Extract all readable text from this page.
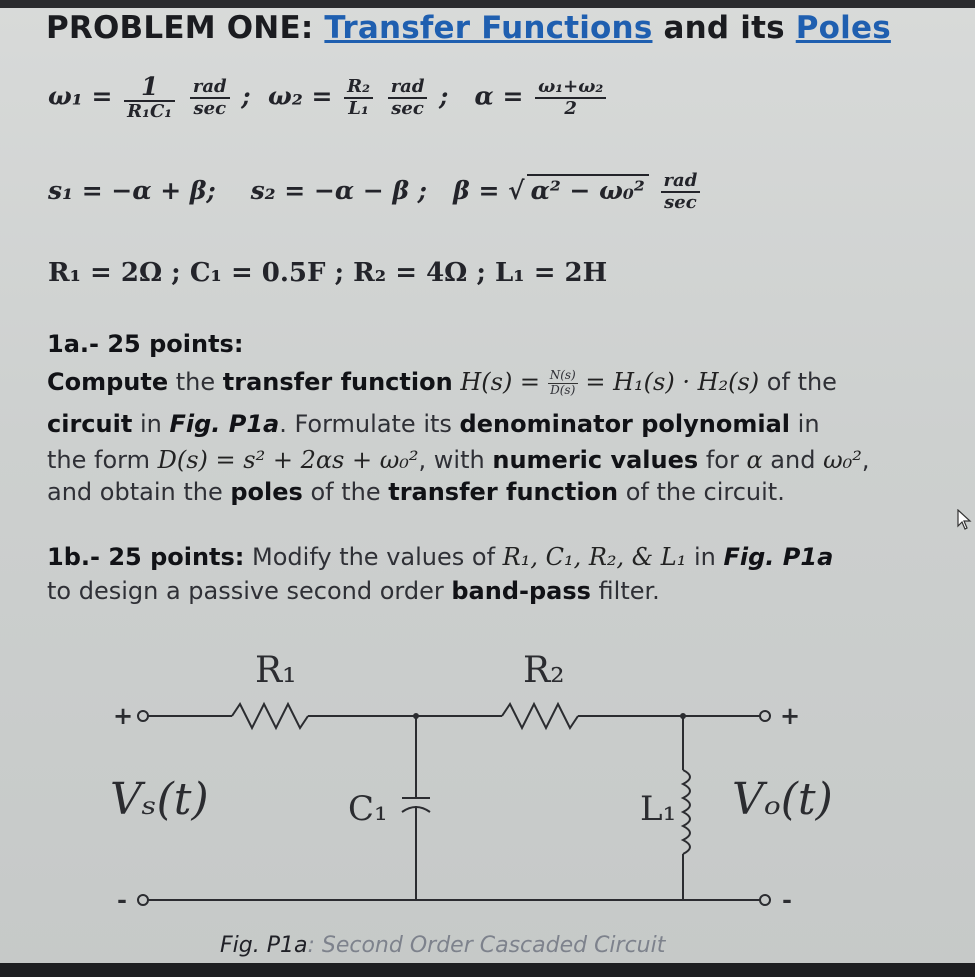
PROBLEM ONE: Transfer Functions and its Poles
$\omega_1 = \frac{1}{\text{R₁C₁}}$
$\frac{\text{rad}}{\sec}$ ; $\omega_2 = \frac{\text{R₂}}{\text{L₁}}$
$\frac{\text{rad}}{\sec}$ ; $\alpha = \frac{\text{ω₁+ω₂}}{2}$
s₁ = −α + β; s₂ = −α − β ; β = √ $\alpha^2 - \omega_0^2 \frac{\text{rad}}{\sec}$
R₁ = 2Ω ; C₁ = 0.5F ; R₂ = 4Ω ; L₁ = 2H
1a.- 25 points:
Compute the transfer function $H(s) = \frac{N(s)}{D(s)} = H_1(s) \cdot H_2(s)$ of the
circuit in Fig. P1a. Formulate its denominator polynomial in
the form D(s) = s² + 2αs + ω₀², with numeric values for α and ω₀²,
and obtain the poles of the transfer function of the circuit.
1b.- 25 points: Modify the values of R₁, C₁, R₂, & L₁ in Fig. P1a
to design a passive second order band-pass filter.
R₁	R₂
C₁	L₁
Vₛ(t)	Vₒ(t)
+
-
+
-
Fig. P1a: Second Order Cascaded Circuit
